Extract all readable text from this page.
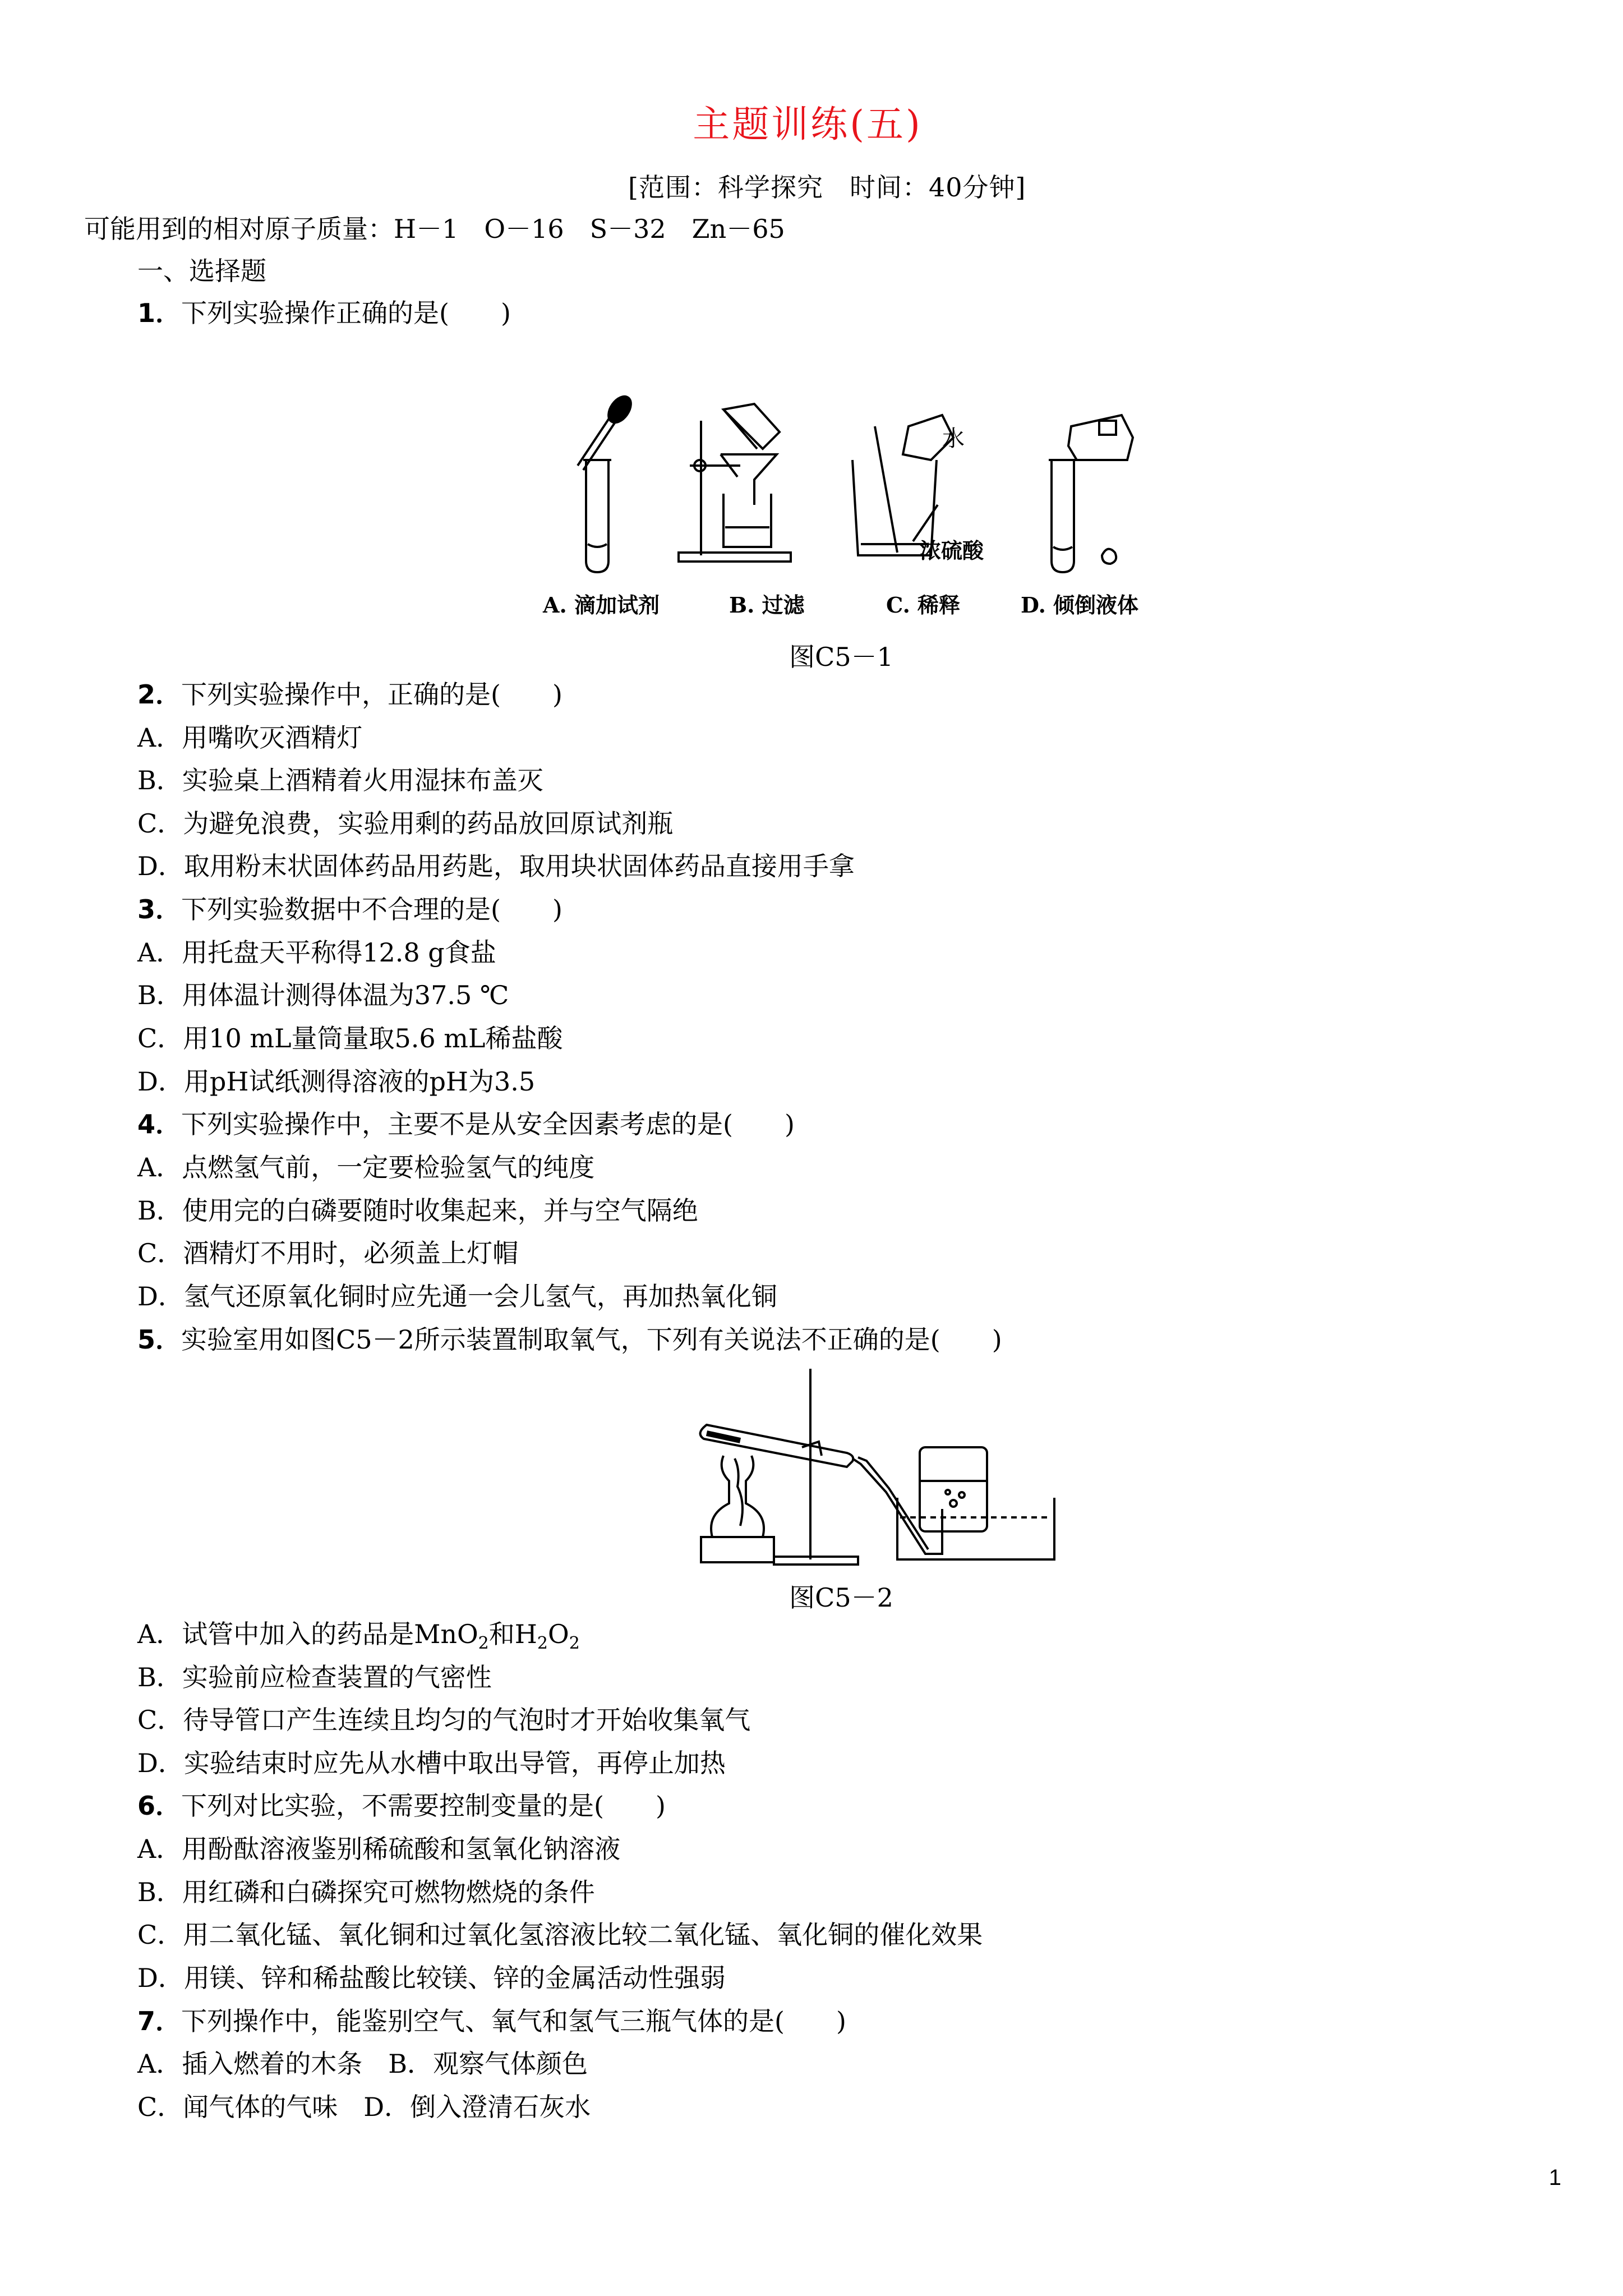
主题训练(五)
[范围：科学探究　时间：40分钟]
可能用到的相对原子质量：H－1　O－16　S－32　Zn－65
一、选择题
1．下列实验操作正确的是(　　)
水
浓硫酸
A. 滴加试剂	B. 过滤	C. 稀释	D. 倾倒液体
图C5－1
2．下列实验操作中，正确的是(　　)
A．用嘴吹灭酒精灯
B．实验桌上酒精着火用湿抹布盖灭
C．为避免浪费，实验用剩的药品放回原试剂瓶
D．取用粉末状固体药品用药匙，取用块状固体药品直接用手拿
3．下列实验数据中不合理的是(　　)
A．用托盘天平称得12.8 g食盐
B．用体温计测得体温为37.5 ℃
C．用10 mL量筒量取5.6 mL稀盐酸
D．用pH试纸测得溶液的pH为3.5
4．下列实验操作中，主要不是从安全因素考虑的是(　　)
A．点燃氢气前，一定要检验氢气的纯度
B．使用完的白磷要随时收集起来，并与空气隔绝
C．酒精灯不用时，必须盖上灯帽
D．氢气还原氧化铜时应先通一会儿氢气，再加热氧化铜
5．实验室用如图C5－2所示装置制取氧气，下列有关说法不正确的是(　　)
图C5－2
A．试管中加入的药品是MnO$_2$和$H_2O_2$
B．实验前应检查装置的气密性
C．待导管口产生连续且均匀的气泡时才开始收集氧气
D．实验结束时应先从水槽中取出导管，再停止加热
6．下列对比实验，不需要控制变量的是(　　)
A．用酚酞溶液鉴别稀硫酸和氢氧化钠溶液
B．用红磷和白磷探究可燃物燃烧的条件
C．用二氧化锰、氧化铜和过氧化氢溶液比较二氧化锰、氧化铜的催化效果
D．用镁、锌和稀盐酸比较镁、锌的金属活动性强弱
7．下列操作中，能鉴别空气、氧气和氢气三瓶气体的是(　　)
A．插入燃着的木条　B．观察气体颜色
C．闻气体的气味　D．倒入澄清石灰水
1
